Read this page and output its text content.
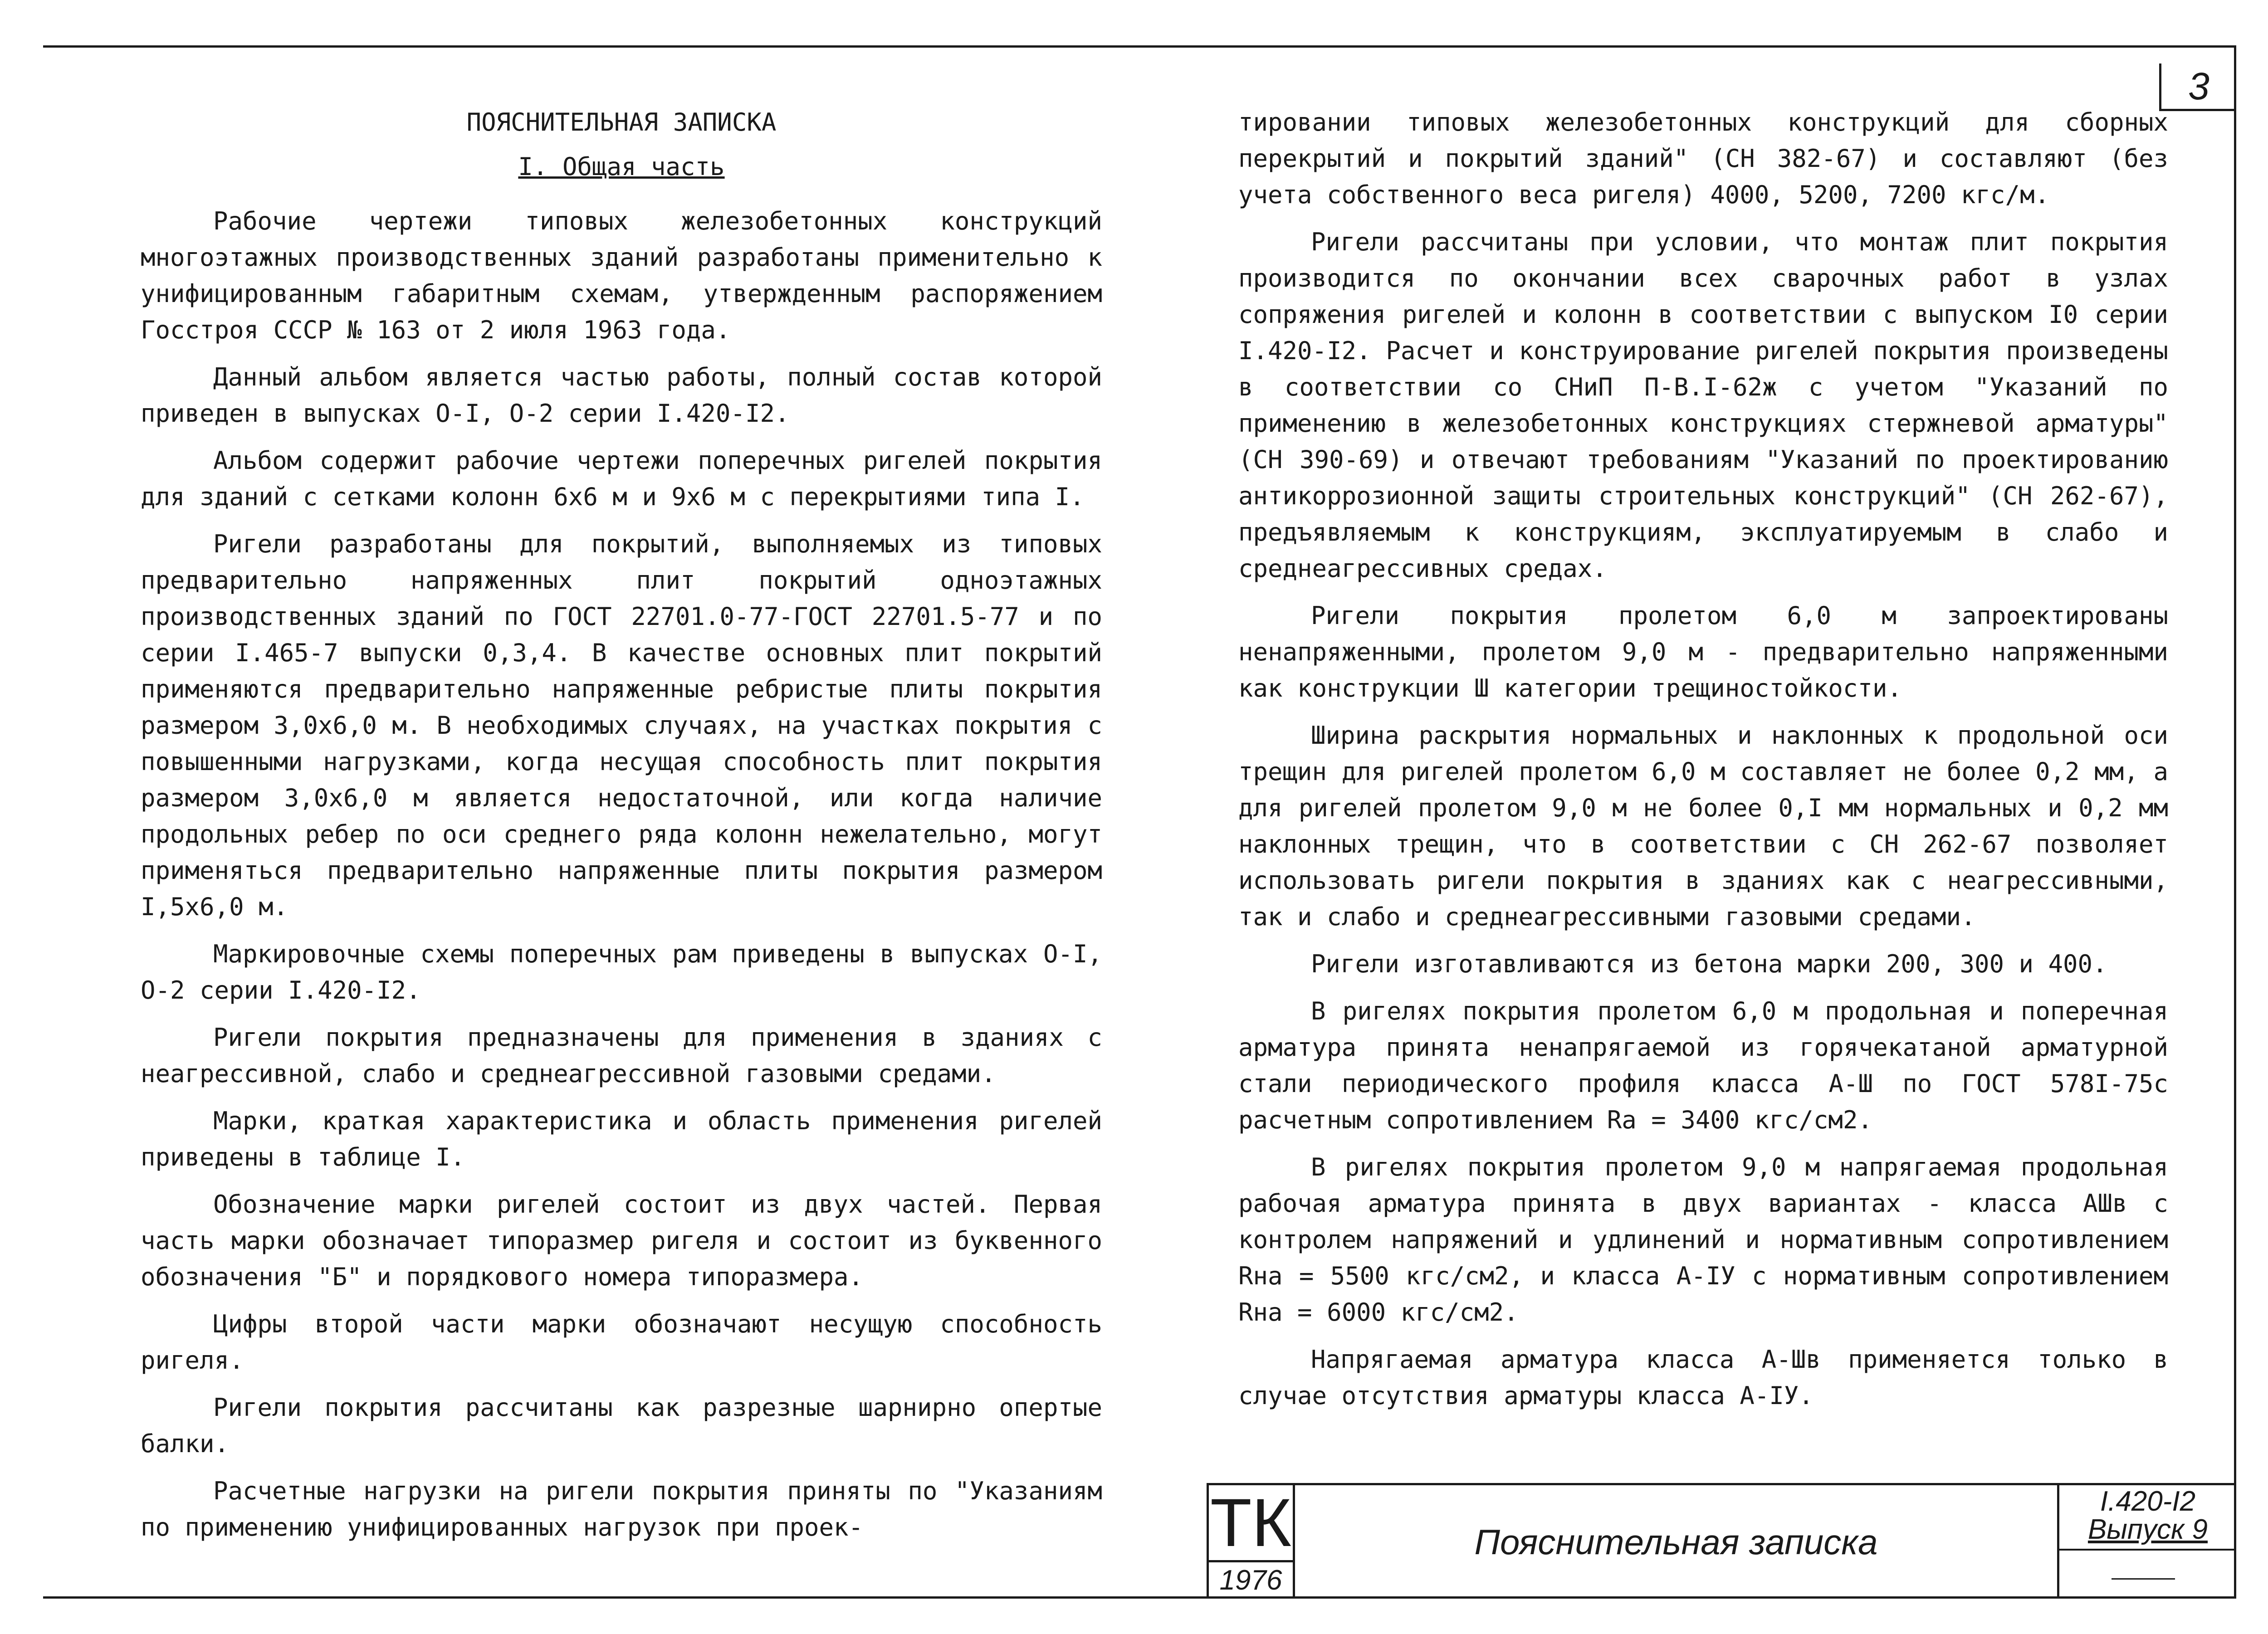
3
ПОЯСНИТЕЛЬНАЯ ЗАПИСКА
I. Общая часть

Рабочие чертежи типовых железобетонных конструкций многоэтажных производственных зданий разработаны применительно к унифицированным габаритным схемам, утвержденным распоряжением Госстроя СССР № 163 от 2 июля 1963 года.

Данный альбом является частью работы, полный состав которой приведен в выпусках О-I, О-2 серии I.420-I2.

Альбом содержит рабочие чертежи поперечных ригелей покрытия для зданий с сетками колонн 6х6 м и 9х6 м с перекрытиями типа I.

Ригели разработаны для покрытий, выполняемых из типовых предварительно напряженных плит покрытий одноэтажных производственных зданий по ГОСТ 22701.0-77-ГОСТ 22701.5-77 и по серии I.465-7 выпуски 0,3,4. В качестве основных плит покрытий применяются предварительно напряженные ребристые плиты покрытия размером 3,0х6,0 м. В необходимых случаях, на участках покрытия с повышенными нагрузками, когда несущая способность плит покрытия размером 3,0х6,0 м является недостаточной, или когда наличие продольных ребер по оси среднего ряда колонн нежелательно, могут применяться предварительно напряженные плиты покрытия размером I,5х6,0 м.

Маркировочные схемы поперечных рам приведены в выпусках О-I, О-2 серии I.420-I2.

Ригели покрытия предназначены для применения в зданиях с неагрессивной, слабо и среднеагрессивной газовыми средами.

Марки, краткая характеристика и область применения ригелей приведены в таблице I.

Обозначение марки ригелей состоит из двух частей. Первая часть марки обозначает типоразмер ригеля и состоит из буквенного обозначения "Б" и порядкового номера типоразмера.

Цифры второй части марки обозначают несущую способность ригеля.

Ригели покрытия рассчитаны как разрезные шарнирно опертые балки.

Расчетные нагрузки на ригели покрытия приняты по "Указаниям по применению унифицированных нагрузок при проек-

тировании типовых железобетонных конструкций для сборных перекрытий и покрытий зданий" (СН 382-67) и составляют (без учета собственного веса ригеля) 4000, 5200, 7200 кгс/м.

Ригели рассчитаны при условии, что монтаж плит покрытия производится по окончании всех сварочных работ в узлах сопряжения ригелей и колонн в соответствии с выпуском I0 серии I.420-I2. Расчет и конструирование ригелей покрытия произведены в соответствии со СНиП П-В.I-62ж с учетом "Указаний по применению в железобетонных конструкциях стержневой арматуры" (СН 390-69) и отвечают требованиям "Указаний по проектированию антикоррозионной защиты строительных конструкций" (СН 262-67), предъявляемым к конструкциям, эксплуатируемым в слабо и среднеагрессивных средах.

Ригели покрытия пролетом 6,0 м запроектированы ненапряженными, пролетом 9,0 м - предварительно напряженными как конструкции Ш категории трещиностойкости.

Ширина раскрытия нормальных и наклонных к продольной оси трещин для ригелей пролетом 6,0 м составляет не более 0,2 мм, а для ригелей пролетом 9,0 м не более 0,I мм нормальных и 0,2 мм наклонных трещин, что в соответствии с СН 262-67 позволяет использовать ригели покрытия в зданиях как с неагрессивными, так и слабо и среднеагрессивными газовыми средами.

Ригели изготавливаются из бетона марки 200, 300 и 400.

В ригелях покрытия пролетом 6,0 м продольная и поперечная арматура принята ненапрягаемой из горячекатаной арматурной стали периодического профиля класса А-Ш по ГОСТ 578I-75с расчетным сопротивлением Rа = 3400 кгс/см2.

В ригелях покрытия пролетом 9,0 м напрягаемая продольная рабочая арматура принята в двух вариантах - класса АШв с контролем напряжений и удлинений и нормативным сопротивлением Rна = 5500 кгс/см2, и класса А-IУ с нормативным сопротивлением Rна = 6000 кгс/см2.

Напрягаемая арматура класса А-Шв применяется только в случае отсутствия арматуры класса А-IУ.

ТК
1976
Пояснительная записка
I.420-I2
Выпуск 9
